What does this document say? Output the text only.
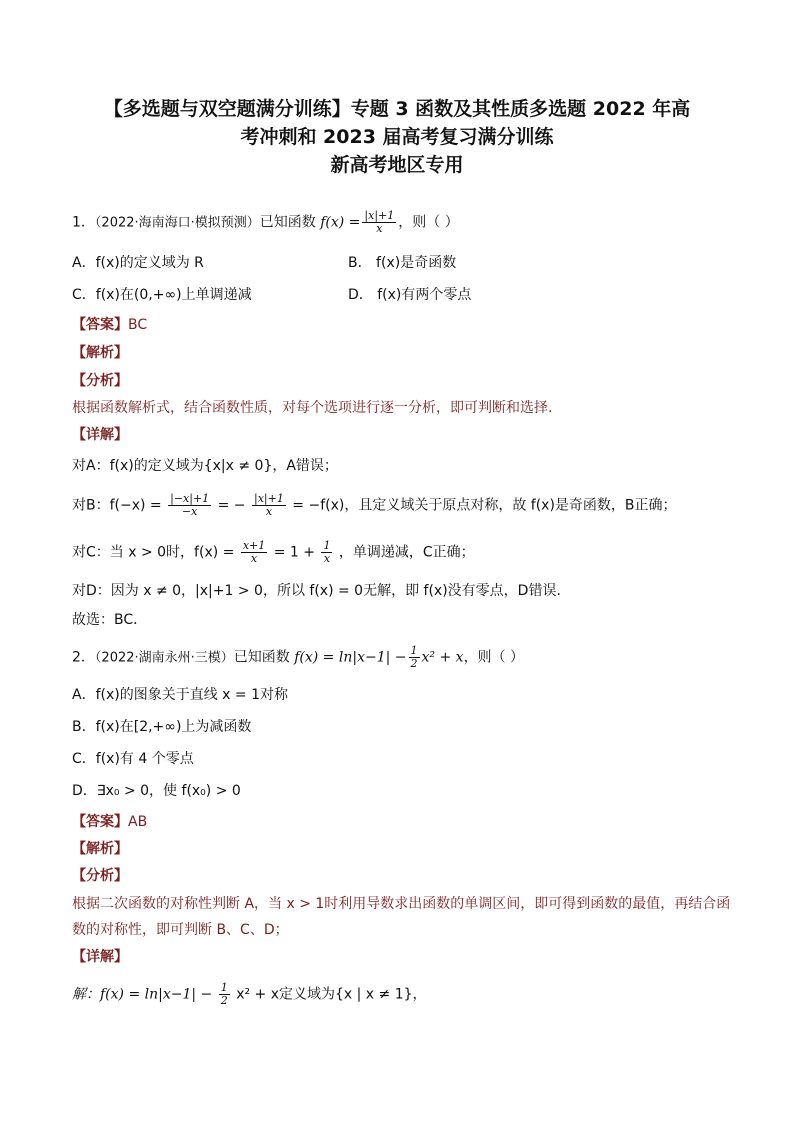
【多选题与双空题满分训练】专题 3 函数及其性质多选题 2022 年高
考冲刺和 2023 届高考复习满分训练
新高考地区专用
1．（2022·海南海口·模拟预测）已知函数 $f(x) = \frac{|x|+1}{x}$ ，则（ ）
A．f(x)的定义域为 R	B． f(x)是奇函数
C．f(x)在(0,+∞)上单调递减	D． f(x)有两个零点
【答案】BC
【解析】
【分析】
根据函数解析式，结合函数性质，对每个选项进行逐一分析，即可判断和选择.
【详解】
对A：f(x)的定义域为{x|x ≠ 0}，A错误；
对B：$f(-x) = \frac{|-x|+1}{-x}$ = − $\frac{|x|+1}{x} = -f(x)$，且定义域关于原点对称，故 f(x)是奇函数，B正确；
对C：当 x > 0时，$f(x) = \frac{x+1}{x} = 1 + \frac{1}{x}$ ，单调递减，C正确；
对D：因为 x ≠ 0，|x|+1 > 0，所以 f(x) = 0无解，即 f(x)没有零点，D错误．
故选：BC．
2．（2022·湖南永州·三模）已知函数 $f(x) = \ln|x-1| - \frac{1}{2} x^2 + x$，则（ ）
A．f(x)的图象关于直线 x = 1对称
B．f(x)在[2,+∞)上为减函数
C．f(x)有 4 个零点
D．∃x₀ > 0，使 f(x₀) > 0
【答案】AB
【解析】
【分析】
根据二次函数的对称性判断 A，当 x > 1时利用导数求出函数的单调区间，即可得到函数的最值，再结合函
数的对称性，即可判断 B、C、D；
【详解】
解：$f(x) = \ln|x-1| - \frac{1}{2} x^2 + x$定义域为{x | x ≠ 1}，
